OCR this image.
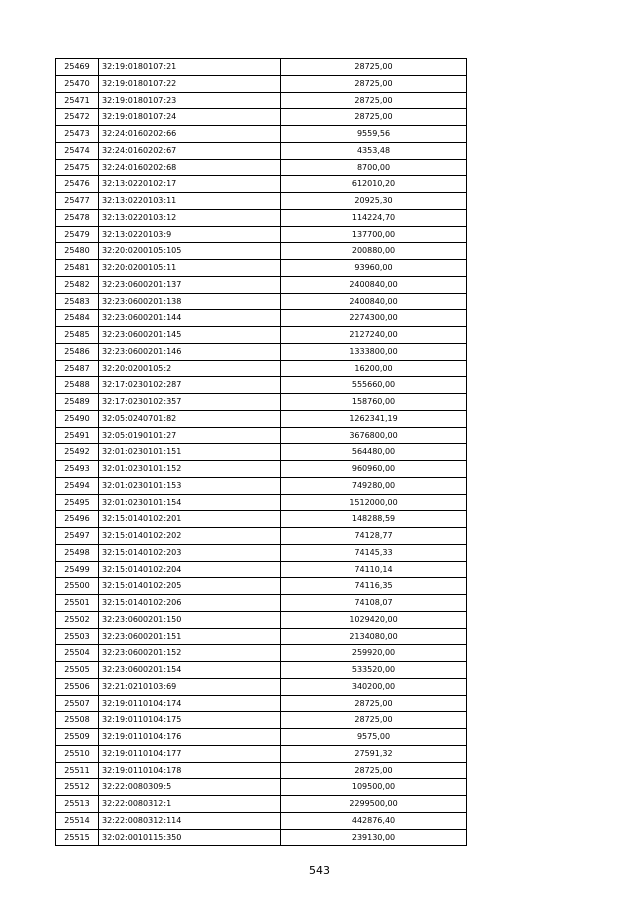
25469	32:19:0180107:21	28725,00
25470	32:19:0180107:22	28725,00
25471	32:19:0180107:23	28725,00
25472	32:19:0180107:24	28725,00
25473	32:24:0160202:66	9559,56
25474	32:24:0160202:67	4353,48
25475	32:24:0160202:68	8700,00
25476	32:13:0220102:17	612010,20
25477	32:13:0220103:11	20925,30
25478	32:13:0220103:12	114224,70
25479	32:13:0220103:9	137700,00
25480	32:20:0200105:105	200880,00
25481	32:20:0200105:11	93960,00
25482	32:23:0600201:137	2400840,00
25483	32:23:0600201:138	2400840,00
25484	32:23:0600201:144	2274300,00
25485	32:23:0600201:145	2127240,00
25486	32:23:0600201:146	1333800,00
25487	32:20:0200105:2	16200,00
25488	32:17:0230102:287	555660,00
25489	32:17:0230102:357	158760,00
25490	32:05:0240701:82	1262341,19
25491	32:05:0190101:27	3676800,00
25492	32:01:0230101:151	564480,00
25493	32:01:0230101:152	960960,00
25494	32:01:0230101:153	749280,00
25495	32:01:0230101:154	1512000,00
25496	32:15:0140102:201	148288,59
25497	32:15:0140102:202	74128,77
25498	32:15:0140102:203	74145,33
25499	32:15:0140102:204	74110,14
25500	32:15:0140102:205	74116,35
25501	32:15:0140102:206	74108,07
25502	32:23:0600201:150	1029420,00
25503	32:23:0600201:151	2134080,00
25504	32:23:0600201:152	259920,00
25505	32:23:0600201:154	533520,00
25506	32:21:0210103:69	340200,00
25507	32:19:0110104:174	28725,00
25508	32:19:0110104:175	28725,00
25509	32:19:0110104:176	9575,00
25510	32:19:0110104:177	27591,32
25511	32:19:0110104:178	28725,00
25512	32:22:0080309:5	109500,00
25513	32:22:0080312:1	2299500,00
25514	32:22:0080312:114	442876,40
25515	32:02:0010115:350	239130,00
543
